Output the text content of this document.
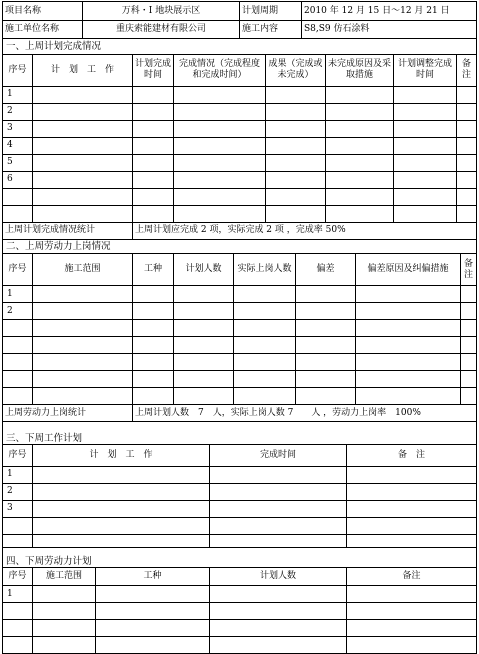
项目名称	万科・I 地块展示区	计划周期	2010 年 12 月 15 日～12 月 21 日
施工单位名称	重庆索能建材有限公司	施工内容	S8,S9 仿石涂料
一、上周计划完成情况							
序号	计　划　工　作	计划完成时间	完成情况（完成程度和完成时间）	成果（完成或未完成）	未完成原因及采取措施	计划调整完成时间	备注
1							
2							
3							
4							
5							
6							

上周计划完成情况统计		上周计划应完成 2 项，实际完成 2 项 ，完成率 50%					
二、上周劳动力上岗情况							
序号	施工范围	工种	计划人数	实际上岗人数	偏差	偏差原因及纠偏措施	备注
1							
2							

上周劳动力上岗统计		上周计划人数　7　人，实际上岗人数 7　　人 ，劳动力上岗率　100%					
三、下周工作计划			
序号	计　划　工　作	完成时间	备　注
1			
2			
3			

四、下周劳动力计划				
序号	施工范围	工种	计划人数	备注
1				
